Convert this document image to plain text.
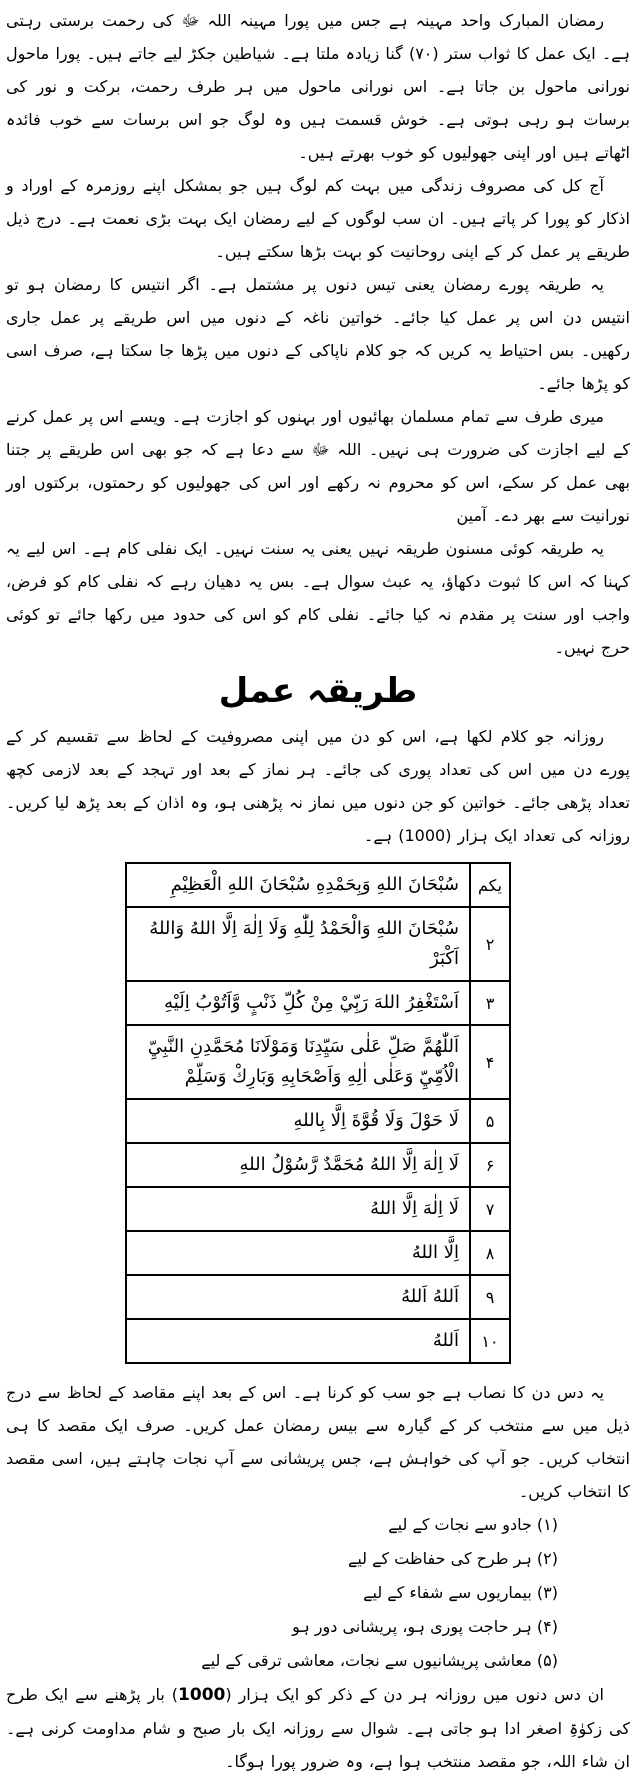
رمضان المبارک واحد مہینہ ہے جس میں پورا مہینہ اللہ ﷻ کی رحمت برستی رہتی ہے۔ ایک عمل کا ثواب ستر (۷۰) گنا زیادہ ملتا ہے۔ شیاطین جکڑ لیے جاتے ہیں۔ پورا ماحول نورانی ماحول بن جاتا ہے۔ اس نورانی ماحول میں ہر طرف رحمت، برکت و نور کی برسات ہو رہی ہوتی ہے۔ خوش قسمت ہیں وہ لوگ جو اس برسات سے خوب فائدہ اٹھاتے ہیں اور اپنی جھولیوں کو خوب بھرتے ہیں۔

آج کل کی مصروف زندگی میں بہت کم لوگ ہیں جو بمشکل اپنے روزمرہ کے اوراد و اذکار کو پورا کر پاتے ہیں۔ ان سب لوگوں کے لیے رمضان ایک بہت بڑی نعمت ہے۔ درج ذیل طریقے پر عمل کر کے اپنی روحانیت کو بہت بڑھا سکتے ہیں۔

یہ طریقہ پورے رمضان یعنی تیس دنوں پر مشتمل ہے۔ اگر انتیس کا رمضان ہو تو انتیس دن اس پر عمل کیا جائے۔ خواتین ناغہ کے دنوں میں اس طریقے پر عمل جاری رکھیں۔ بس احتیاط یہ کریں کہ جو کلام ناپاکی کے دنوں میں پڑھا جا سکتا ہے، صرف اسی کو پڑھا جائے۔

میری طرف سے تمام مسلمان بھائیوں اور بہنوں کو اجازت ہے۔ ویسے اس پر عمل کرنے کے لیے اجازت کی ضرورت ہی نہیں۔ اللہ ﷻ سے دعا ہے کہ جو بھی اس طریقے پر جتنا بھی عمل کر سکے، اس کو محروم نہ رکھے اور اس کی جھولیوں کو رحمتوں، برکتوں اور نورانیت سے بھر دے۔ آمین

یہ طریقہ کوئی مسنون طریقہ نہیں یعنی یہ سنت نہیں۔ ایک نفلی کام ہے۔ اس لیے یہ کہنا کہ اس کا ثبوت دکھاؤ، یہ عبث سوال ہے۔ بس یہ دھیان رہے کہ نفلی کام کو فرض، واجب اور سنت پر مقدم نہ کیا جائے۔ نفلی کام کو اس کی حدود میں رکھا جائے تو کوئی حرج نہیں۔

طریقہ عمل

روزانہ جو کلام لکھا ہے، اس کو دن میں اپنی مصروفیت کے لحاظ سے تقسیم کر کے پورے دن میں اس کی تعداد پوری کی جائے۔ ہر نماز کے بعد اور تہجد کے بعد لازمی کچھ تعداد پڑھی جائے۔ خواتین کو جن دنوں میں نماز نہ پڑھنی ہو، وہ اذان کے بعد پڑھ لیا کریں۔ روزانہ کی تعداد ایک ہزار (1000) ہے۔

یکم	سُبْحَانَ اللهِ وَبِحَمْدِهِ سُبْحَانَ اللهِ الْعَظِيْمِ
۲	سُبْحَانَ اللهِ وَالْحَمْدُ لِلّٰهِ وَلَا اِلٰهَ اِلَّا اللهُ وَاللهُ اَكْبَرْ
۳	اَسْتَغْفِرُ اللهَ رَبِّيْ مِنْ كُلِّ ذَنْبٍ وَّاَتُوْبُ اِلَيْهِ
۴	اَللّٰهُمَّ صَلِّ عَلٰى سَيِّدِنَا وَمَوْلَانَا مُحَمَّدِنِ النَّبِيِّ الْاُمِّيِّ وَعَلٰى اٰلِهِ وَاَصْحَابِهِ وَبَارِكْ وَسَلِّمْ
۵	لَا حَوْلَ وَلَا قُوَّةَ اِلَّا بِاللهِ
۶	لَا اِلٰهَ اِلَّا اللهُ مُحَمَّدٌ رَّسُوْلُ اللهِ
۷	لَا اِلٰهَ اِلَّا اللهُ
۸	اِلَّا اللهُ
۹	اَللهُ اَللهُ
۱۰	اَللهُ

یہ دس دن کا نصاب ہے جو سب کو کرنا ہے۔ اس کے بعد اپنے مقاصد کے لحاظ سے درج ذیل میں سے منتخب کر کے گیارہ سے بیس رمضان عمل کریں۔ صرف ایک مقصد کا ہی انتخاب کریں۔ جو آپ کی خواہش ہے، جس پریشانی سے آپ نجات چاہتے ہیں، اسی مقصد کا انتخاب کریں۔

(۱) جادو سے نجات کے لیے
(۲) ہر طرح کی حفاظت کے لیے
(۳) بیماریوں سے شفاء کے لیے
(۴) ہر حاجت پوری ہو، پریشانی دور ہو
(۵) معاشی پریشانیوں سے نجات، معاشی ترقی کے لیے

ان دس دنوں میں روزانہ ہر دن کے ذکر کو ایک ہزار (1000) بار پڑھنے سے ایک طرح کی زکوٰۃِ اصغر ادا ہو جاتی ہے۔ شوال سے روزانہ ایک بار صبح و شام مداومت کرنی ہے۔ ان شاء اللہ، جو مقصد منتخب ہوا ہے، وہ ضرور پورا ہوگا۔
